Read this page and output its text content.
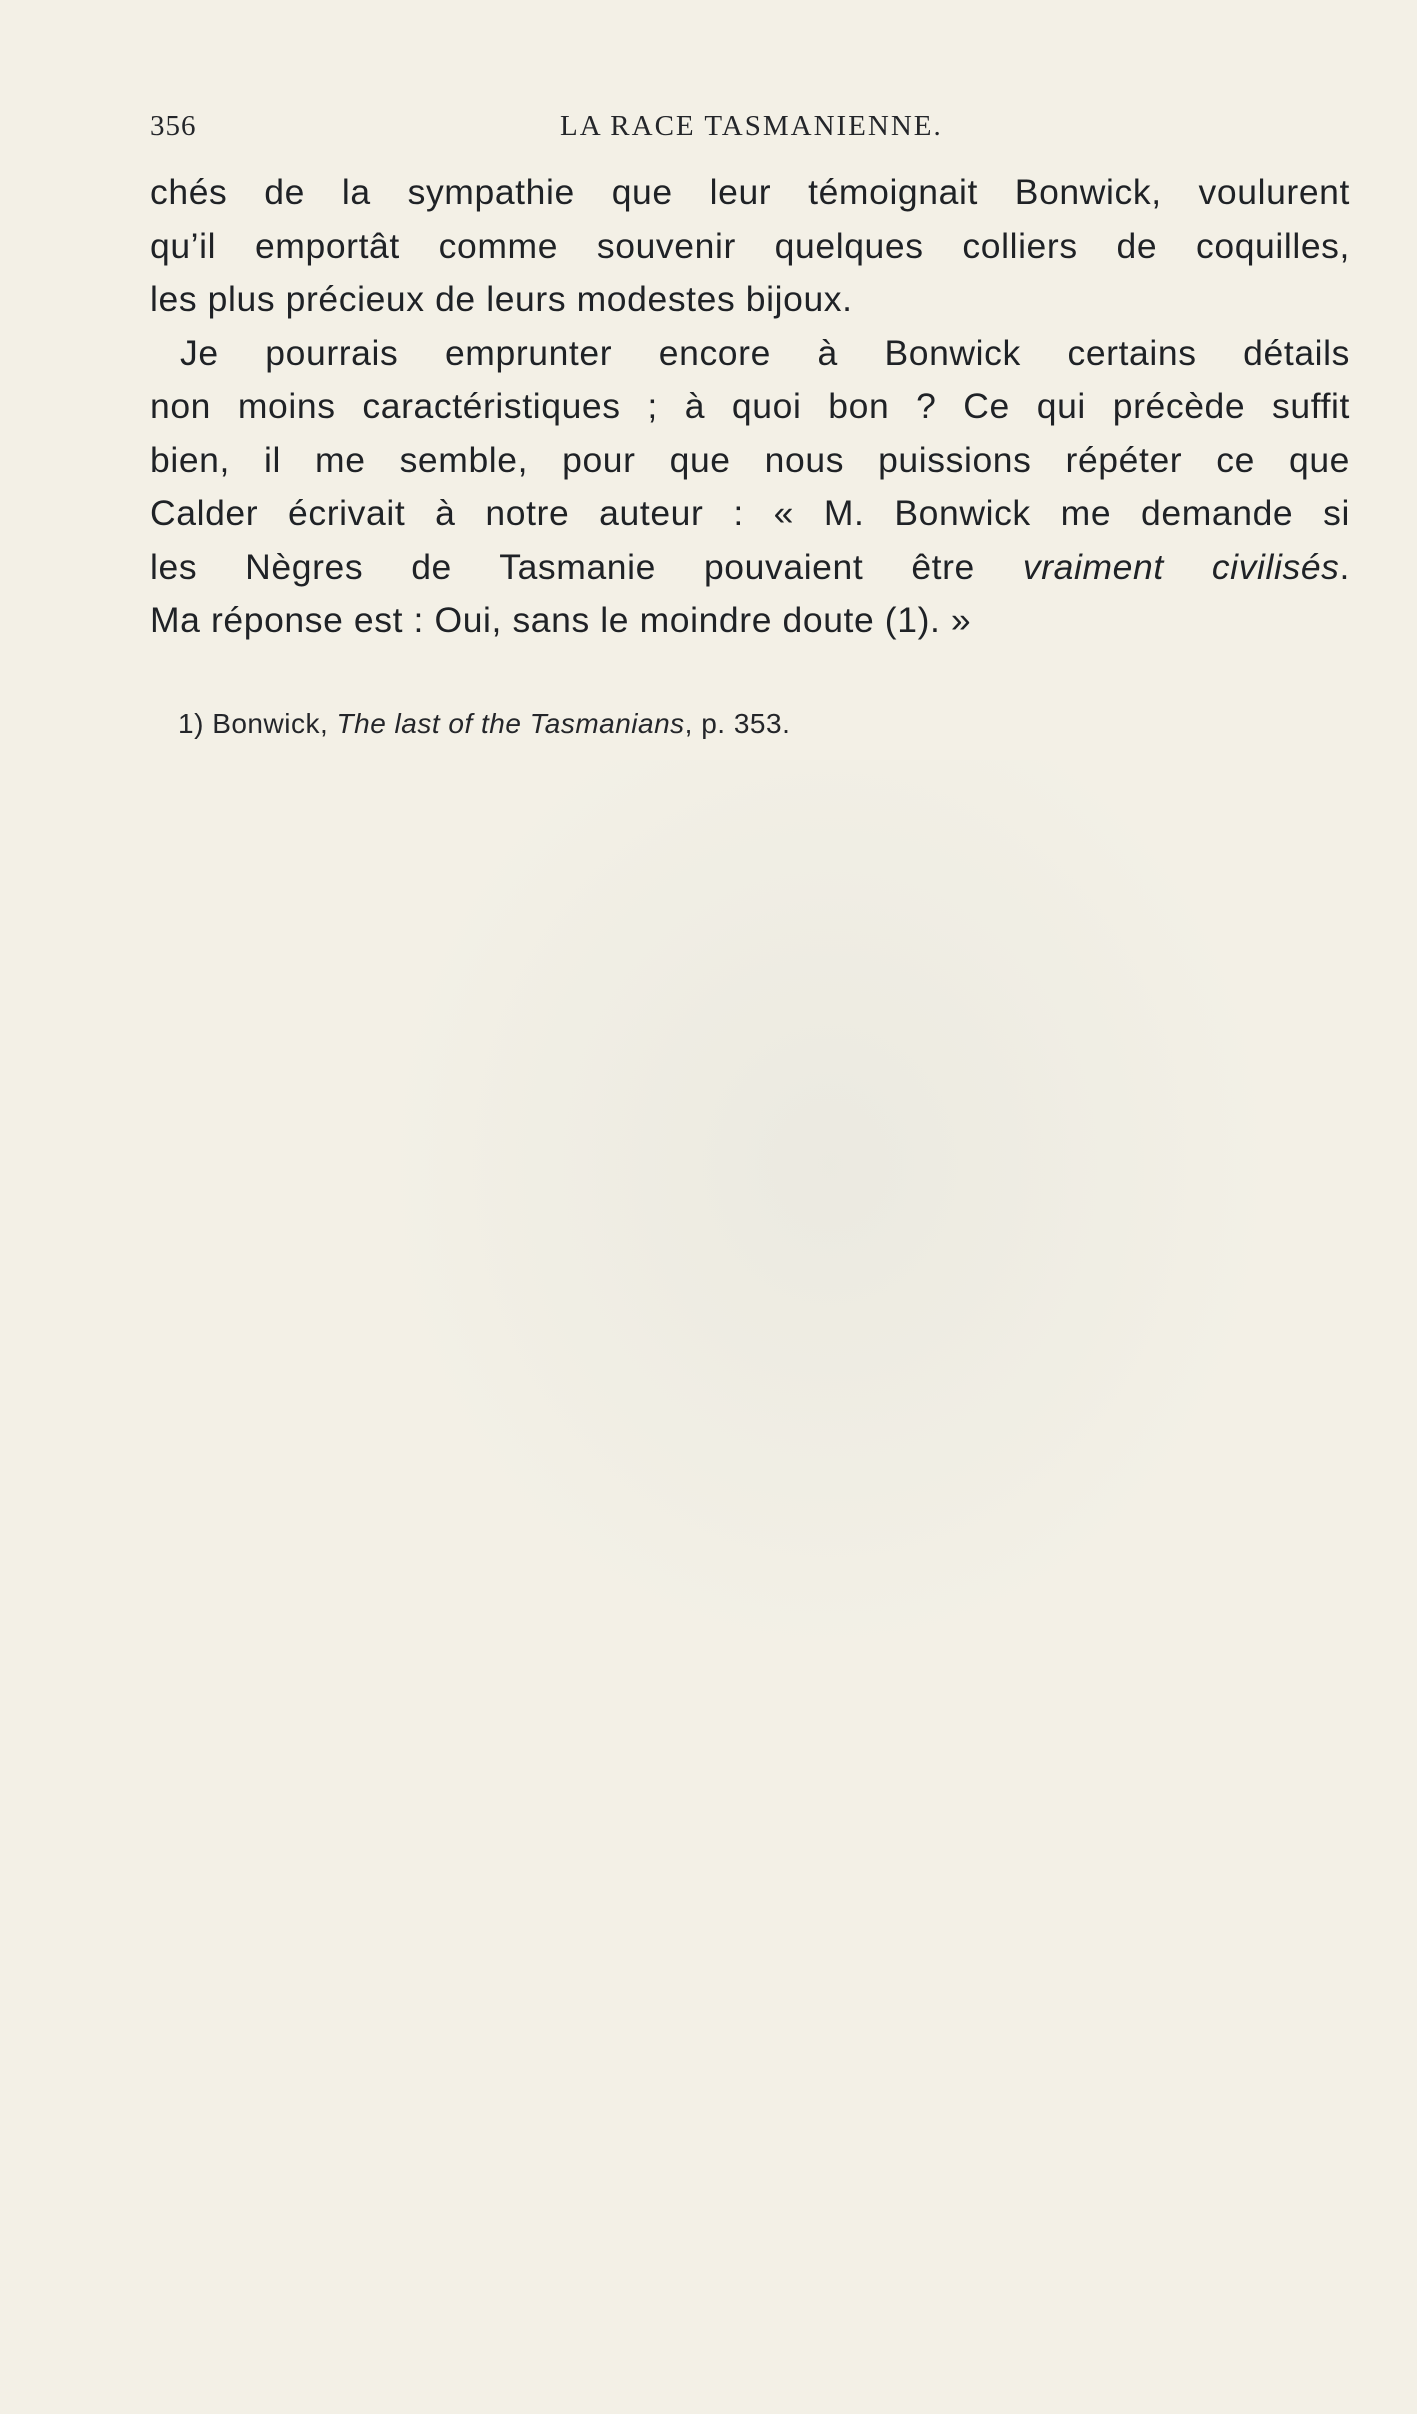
356	LA RACE TASMANIENNE.
chés de la sympathie que leur témoignait Bonwick, voulurent
qu’il emportât comme souvenir quelques colliers de coquilles,
les plus précieux de leurs modestes bijoux.
Je pourrais emprunter encore à Bonwick certains détails
non moins caractéristiques ; à quoi bon ? Ce qui précède suffit
bien, il me semble, pour que nous puissions répéter ce que
Calder écrivait à notre auteur : « M. Bonwick me demande si
les Nègres de Tasmanie pouvaient être vraiment civilisés.
Ma réponse est : Oui, sans le moindre doute (1). »
1) Bonwick, The last of the Tasmanians, p. 353.
